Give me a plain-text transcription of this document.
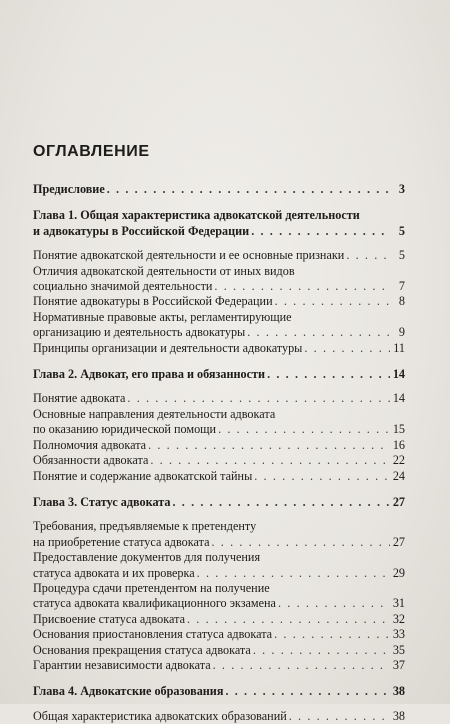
ОГЛАВЛЕНИЕ
Предисловие . . .	3
Глава 1. Общая характеристика адвокатской деятельности
и адвокатуры в Российской Федерации . . .	5
Понятие адвокатской деятельности и ее основные признаки . . .	5
Отличия адвокатской деятельности от иных видов
социально значимой деятельности . . .	7
Понятие адвокатуры в Российской Федерации . . .	8
Нормативные правовые акты, регламентирующие
организацию и деятельность адвокатуры . . .	9
Принципы организации и деятельности адвокатуры . . .	11
Глава 2. Адвокат, его права и обязанности . . .	14
Понятие адвоката . . .	14
Основные направления деятельности адвоката
по оказанию юридической помощи . . .	15
Полномочия адвоката . . .	16
Обязанности адвоката . . .	22
Понятие и содержание адвокатской тайны . . .	24
Глава 3. Статус адвоката . . .	27
Требования, предъявляемые к претенденту
на приобретение статуса адвоката . . .	27
Предоставление документов для получения
статуса адвоката и их проверка . . .	29
Процедура сдачи претендентом на получение
статуса адвоката квалификационного экзамена . . .	31
Присвоение статуса адвоката . . .	32
Основания приостановления статуса адвоката . . .	33
Основания прекращения статуса адвоката . . .	35
Гарантии независимости адвоката . . .	37
Глава 4. Адвокатские образования . . .	38
Общая характеристика адвокатских образований . . .	38
